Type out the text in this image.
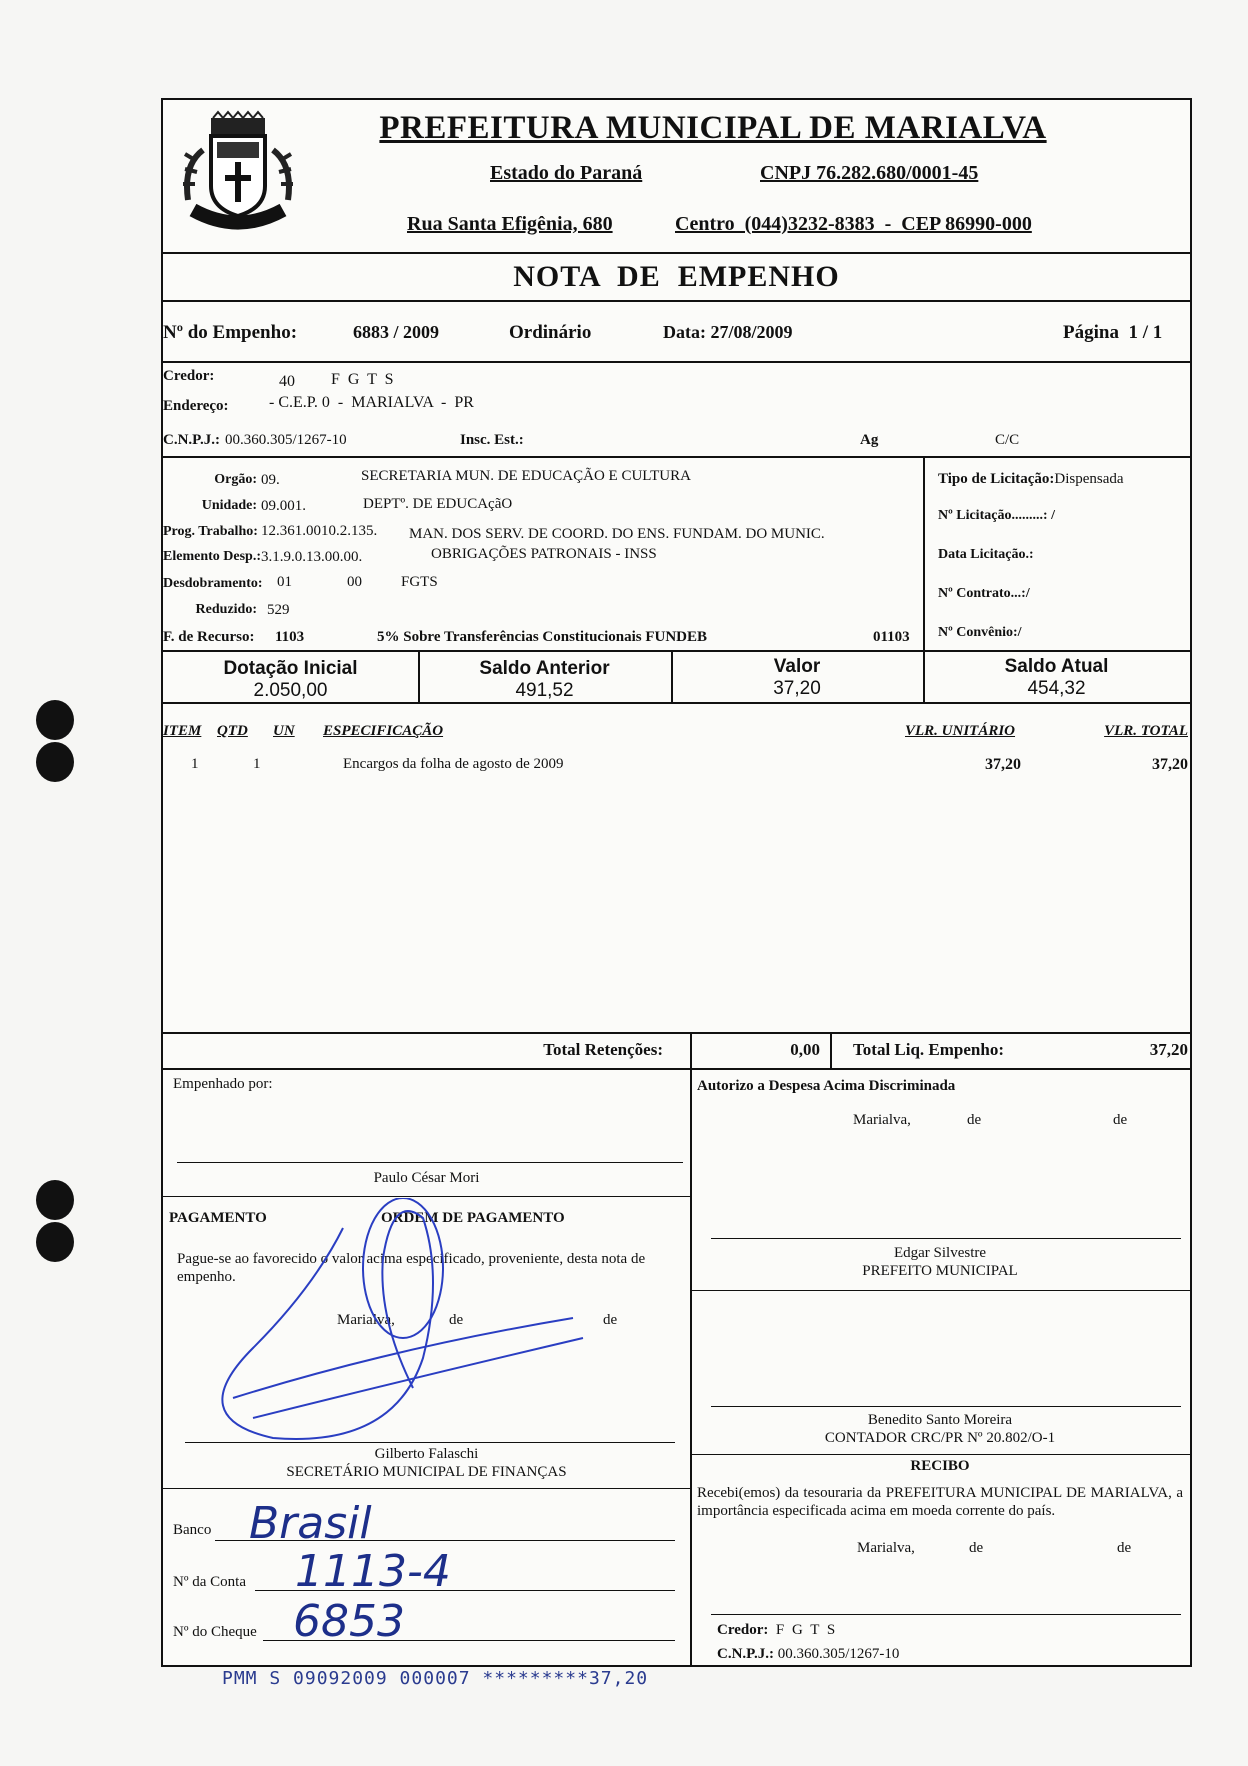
PREFEITURA MUNICIPAL DE MARIALVA
Estado do Paraná	CNPJ 76.282.680/0001-45
Rua Santa Efigênia, 680	Centro  (044)3232-8383  -  CEP 86990-000
NOTA  DE  EMPENHO
Nº do Empenho:	6883 / 2009	Ordinário	Data: 27/08/2009	Página  1 / 1
Credor:	40 F G T S
Endereço:	- C.E.P. 0  -  MARIALVA  -  PR
C.N.P.J.: 00.360.305/1267-10	Insc. Est.:	Ag	C/C
Orgão: 09.	SECRETARIA MUN. DE EDUCAÇÃO E CULTURA
Unidade: 09.001.	DEPTº. DE EDUCAçãO
Prog. Trabalho: 12.361.0010.2.135. MAN. DOS SERV. DE COORD. DO ENS. FUNDAM. DO MUNIC.
Elemento Desp.: 3.1.9.0.13.00.00.	OBRIGAÇÕES PATRONAIS - INSS
Desdobramento: 01	00	FGTS
Reduzido: 529
F. de Recurso: 1103	5% Sobre Transferências Constitucionais FUNDEB	01103
Tipo de Licitação:Dispensada
Nº Licitação.........: /
Data Licitação.:
Nº Contrato...:/
Nº Convênio:/
Dotação Inicial
2.050,00
Saldo Anterior
491,52
Valor
37,20
Saldo Atual
454,32
ITEM QTD UN ESPECIFICAÇÃO	VLR. UNITÁRIO	VLR. TOTAL
1	1	Encargos da folha de agosto de 2009	37,20	37,20
Total Retenções:	0,00 Total Liq. Empenho:	37,20
Empenhado por:
Paulo César Mori
PAGAMENTO	ORDEM DE PAGAMENTO
Pague-se ao favorecido o valor acima especificado, proveniente, desta nota de empenho.
Marialva,	de	de
Gilberto Falaschi
SECRETÁRIO MUNICIPAL DE FINANÇAS
Banco Brasil
Nº da Conta 1113-4
Nº do Cheque 6853
Autorizo a Despesa Acima Discriminada
Marialva,	de	de
Edgar Silvestre
PREFEITO MUNICIPAL
Benedito Santo Moreira
CONTADOR CRC/PR Nº 20.802/O-1
RECIBO
Recebi(emos) da tesouraria da PREFEITURA MUNICIPAL DE MARIALVA, a importância especificada acima em moeda corrente do país.
Marialva,	de	de
Credor: F G T S
C.N.P.J.: 00.360.305/1267-10
PMM S 09092009 000007 *********37,20
